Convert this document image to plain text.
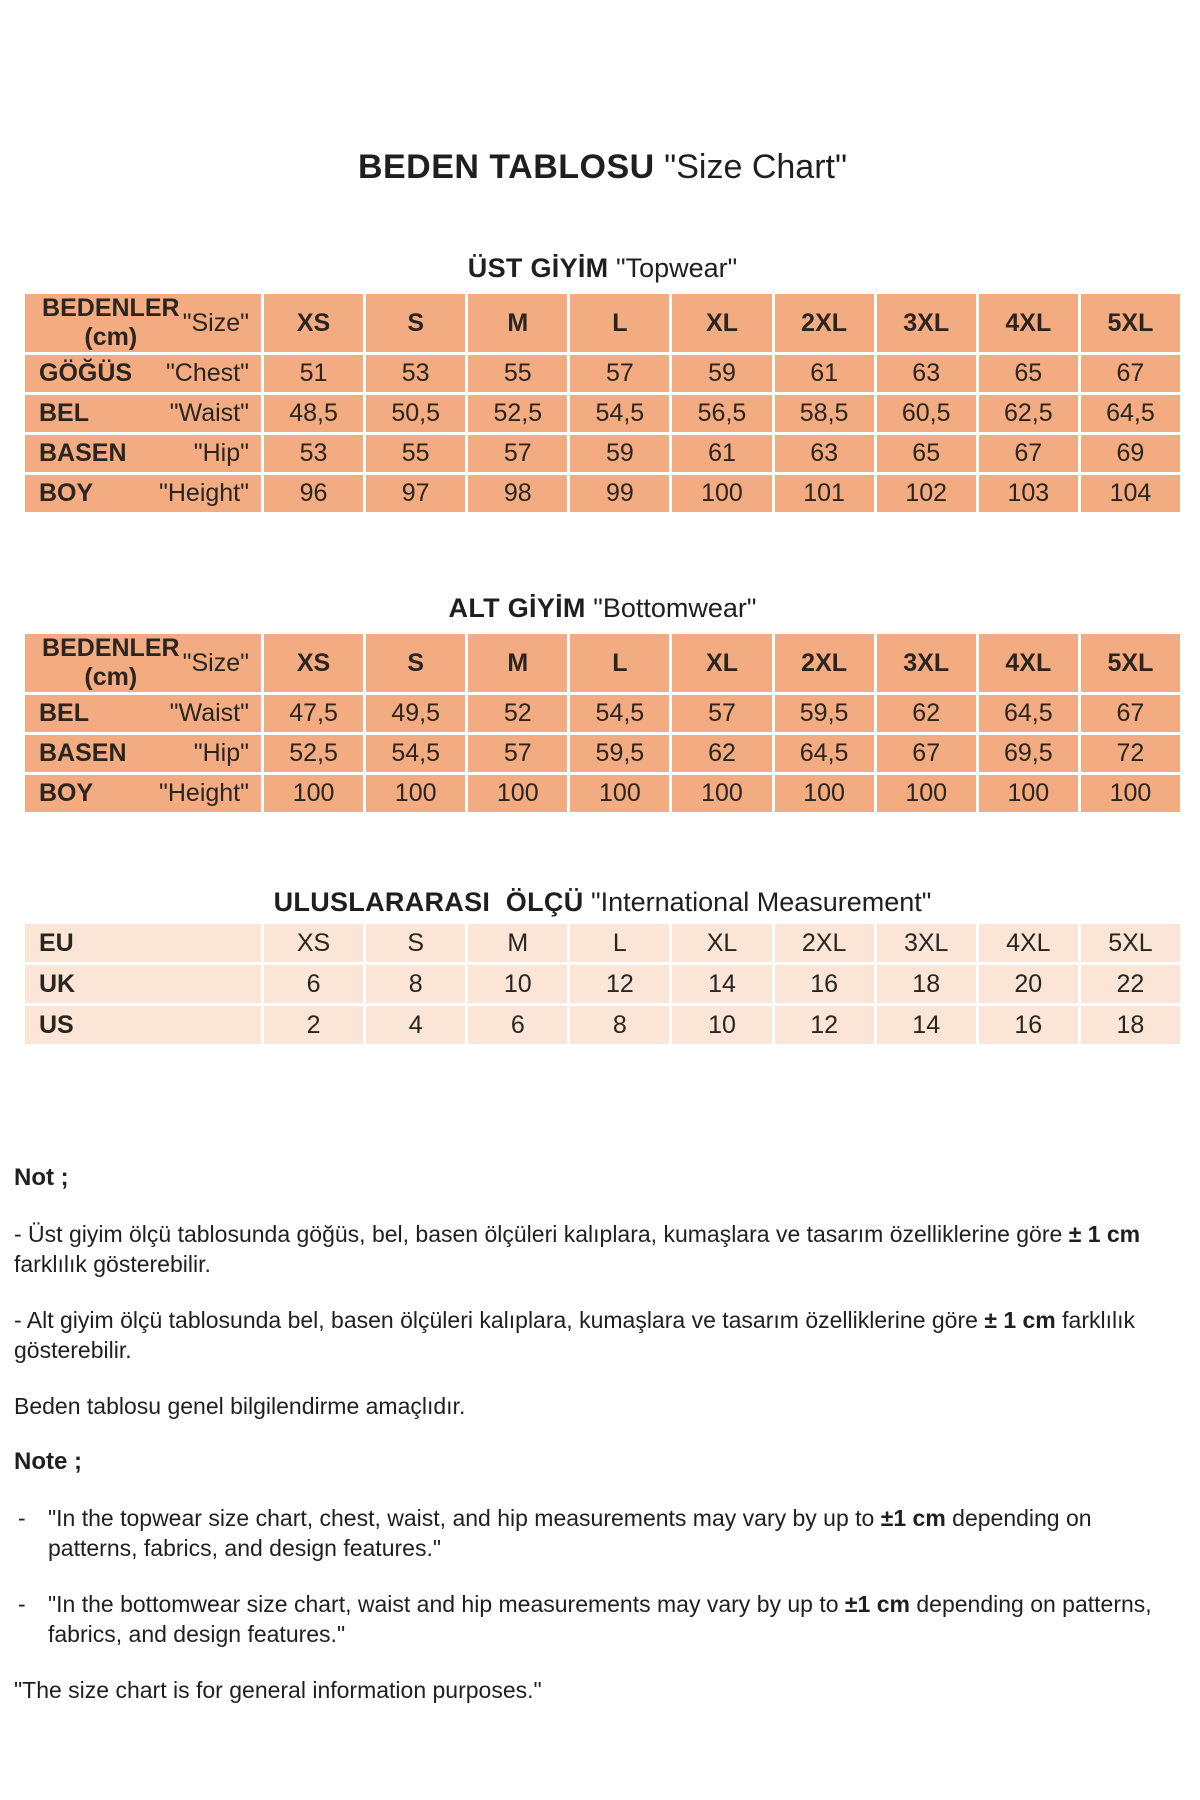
BEDEN TABLOSU "Size Chart"
ÜST GİYİM "Topwear"
BEDENLER (cm)
"Size"	XS	S	M	L	XL	2XL	3XL	4XL	5XL

GÖĞÜS "Chest"	51	53	55	57	59	61	63	65	67

BEL "Waist"	48,5	50,5	52,5	54,5	56,5	58,5	60,5	62,5	64,5

BASEN "Hip"	53	55	57	59	61	63	65	67	69

BOY "Height"	96	97	98	99	100	101	102	103	104
ALT GİYİM "Bottomwear"
BEDENLER (cm)
"Size"	XS	S	M	L	XL	2XL	3XL	4XL	5XL

BEL "Waist"	47,5	49,5	52	54,5	57	59,5	62	64,5	67

BASEN "Hip"	52,5	54,5	57	59,5	62	64,5	67	69,5	72

BOY "Height"	100	100	100	100	100	100	100	100	100
ULUSLARARASI  ÖLÇÜ "International Measurement"
EU	XS	S	M	L	XL	2XL	3XL	4XL	5XL

UK	6	8	10	12	14	16	18	20	22

US	2	4	6	8	10	12	14	16	18
Not ;
- Üst giyim ölçü tablosunda göğüs, bel, basen ölçüleri kalıplara, kumaşlara ve tasarım özelliklerine göre ± 1 cm farklılık gösterebilir.
- Alt giyim ölçü tablosunda bel, basen ölçüleri kalıplara, kumaşlara ve tasarım özelliklerine göre ± 1 cm farklılık gösterebilir.
Beden tablosu genel bilgilendirme amaçlıdır.
Note ;
- "In the topwear size chart, chest, waist, and hip measurements may vary by up to ±1 cm depending on patterns, fabrics, and design features."
- "In the bottomwear size chart, waist and hip measurements may vary by up to ±1 cm depending on patterns, fabrics, and design features."
"The size chart is for general information purposes."
